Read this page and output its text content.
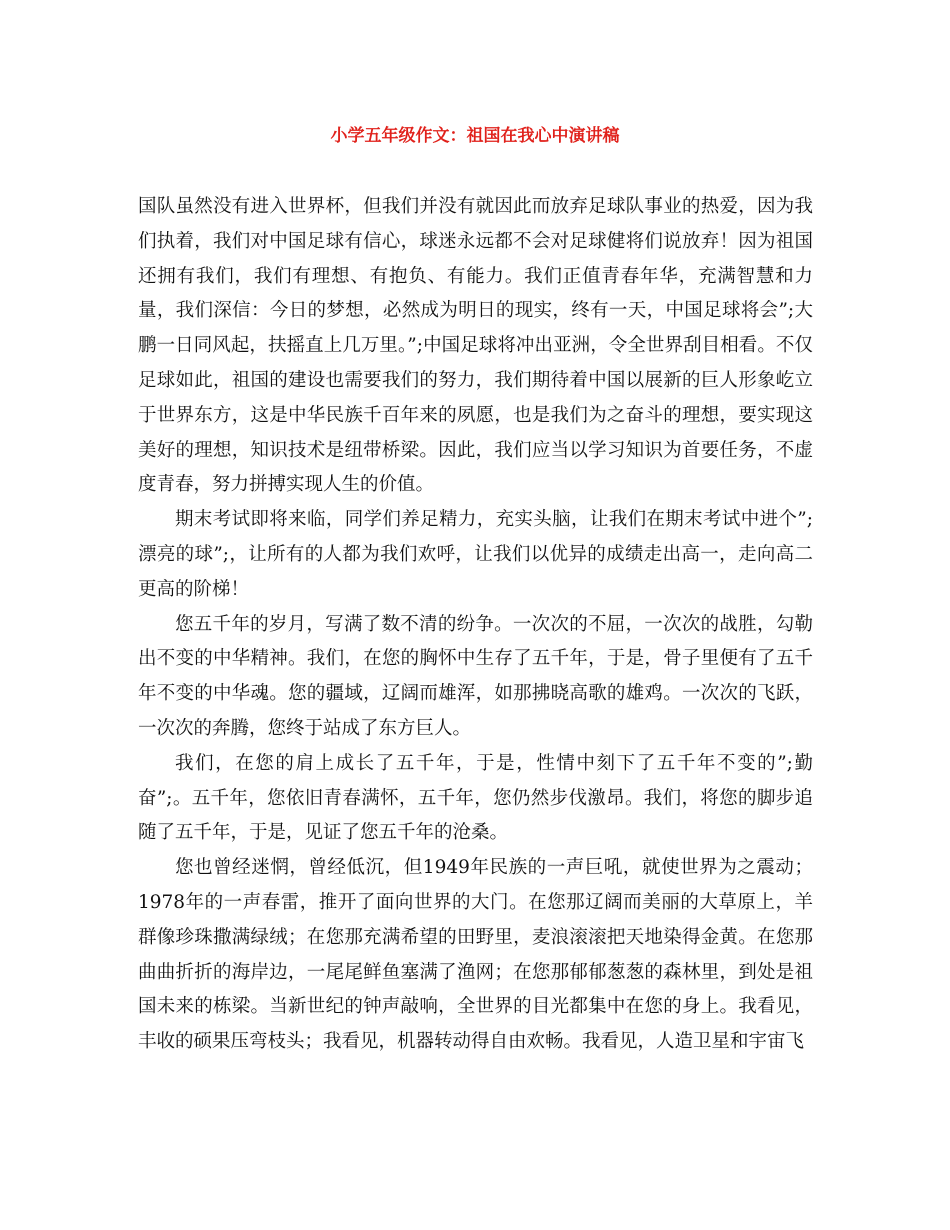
小学五年级作文：祖国在我心中演讲稿

国队虽然没有进入世界杯，但我们并没有就因此而放弃足球队事业的热爱，因为我们执着，我们对中国足球有信心，球迷永远都不会对足球健将们说放弃！因为祖国还拥有我们，我们有理想、有抱负、有能力。我们正值青春年华，充满智慧和力量，我们深信：今日的梦想，必然成为明日的现实，终有一天，中国足球将会”;大鹏一日同风起，扶摇直上几万里。”;中国足球将冲出亚洲，令全世界刮目相看。不仅足球如此，祖国的建设也需要我们的努力，我们期待着中国以展新的巨人形象屹立于世界东方，这是中华民族千百年来的夙愿，也是我们为之奋斗的理想，要实现这美好的理想，知识技术是纽带桥梁。因此，我们应当以学习知识为首要任务，不虚度青春，努力拼搏实现人生的价值。

期末考试即将来临，同学们养足精力，充实头脑，让我们在期末考试中进个”;漂亮的球”;，让所有的人都为我们欢呼，让我们以优异的成绩走出高一，走向高二更高的阶梯！

您五千年的岁月，写满了数不清的纷争。一次次的不屈，一次次的战胜，勾勒出不变的中华精神。我们，在您的胸怀中生存了五千年，于是，骨子里便有了五千年不变的中华魂。您的疆域，辽阔而雄浑，如那拂晓高歌的雄鸡。一次次的飞跃，一次次的奔腾，您终于站成了东方巨人。

我们，在您的肩上成长了五千年，于是，性情中刻下了五千年不变的”;勤奋”;。五千年，您依旧青春满怀，五千年，您仍然步伐激昂。我们，将您的脚步追随了五千年，于是，见证了您五千年的沧桑。

您也曾经迷惘，曾经低沉，但1949年民族的一声巨吼，就使世界为之震动；1978年的一声春雷，推开了面向世界的大门。在您那辽阔而美丽的大草原上，羊群像珍珠撒满绿绒；在您那充满希望的田野里，麦浪滚滚把天地染得金黄。在您那曲曲折折的海岸边，一尾尾鲜鱼塞满了渔网；在您那郁郁葱葱的森林里，到处是祖国未来的栋梁。当新世纪的钟声敲响，全世界的目光都集中在您的身上。我看见，丰收的硕果压弯枝头；我看见，机器转动得自由欢畅。我看见，人造卫星和宇宙飞
